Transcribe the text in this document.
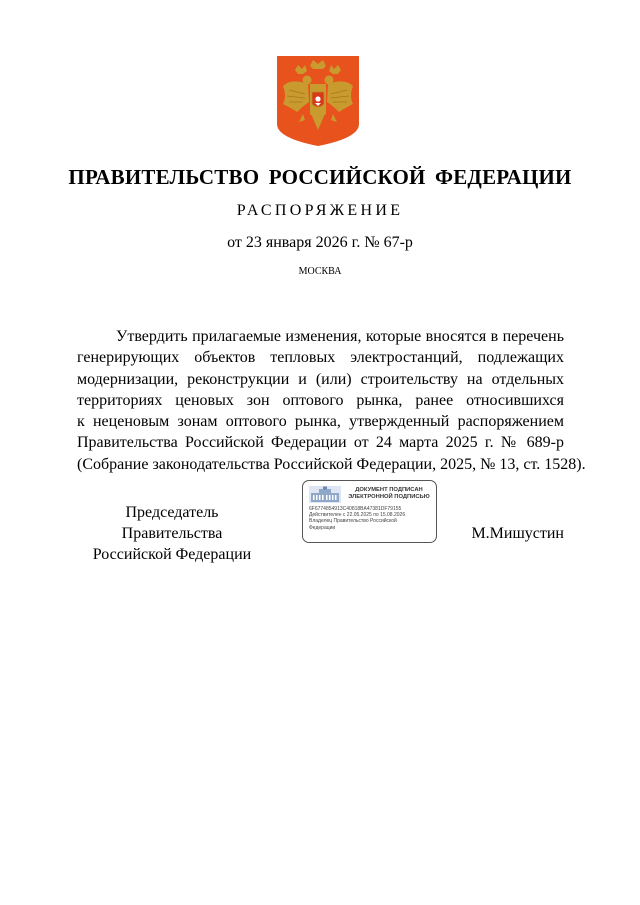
ПРАВИТЕЛЬСТВО РОССИЙСКОЙ ФЕДЕРАЦИИ
РАСПОРЯЖЕНИЕ
от 23 января 2026 г. № 67-р
МОСКВА
Утвердить прилагаемые изменения, которые вносятся в перечень
генерирующих объектов тепловых электростанций, подлежащих
модернизации, реконструкции и (или) строительству на отдельных
территориях ценовых зон оптового рынка, ранее относившихся
к неценовым зонам оптового рынка, утвержденный распоряжением
Правительства Российской Федерации от 24 марта 2025 г. № 689-р
(Собрание законодательства Российской Федерации, 2025, № 13, ст. 1528).
Председатель Правительства
Российской Федерации
ДОКУМЕНТ ПОДПИСАН
ЭЛЕКТРОННОЙ ПОДПИСЬЮ
6F6774854913C40818BA47381DF79155
Действителен с 22.05.2025 по 15.08.2026
Владелец Правительство Российской
Федерации	М.Мишустин
